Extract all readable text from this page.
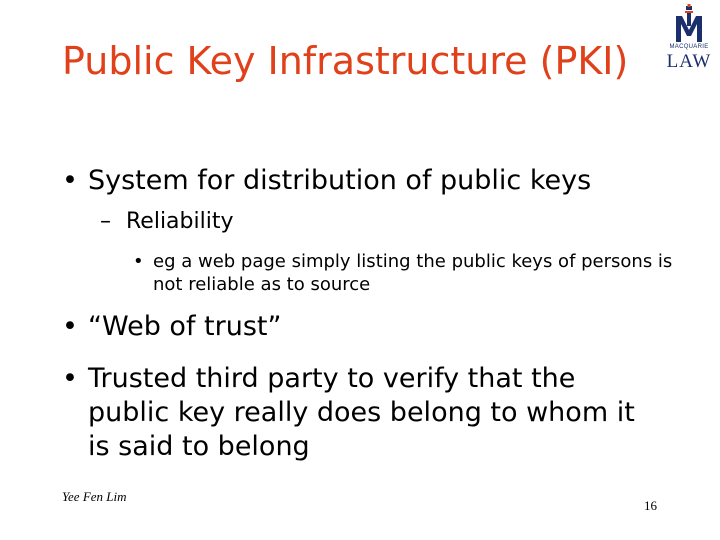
Public Key Infrastructure (PKI)	MACQUARIE
LAW
• System for distribution of public keys
– Reliability
• eg a web page simply listing the public keys of persons is not reliable as to source
• “Web of trust”
• Trusted third party to verify that the public key really does belong to whom it is said to belong
Yee Fen Lim
16
